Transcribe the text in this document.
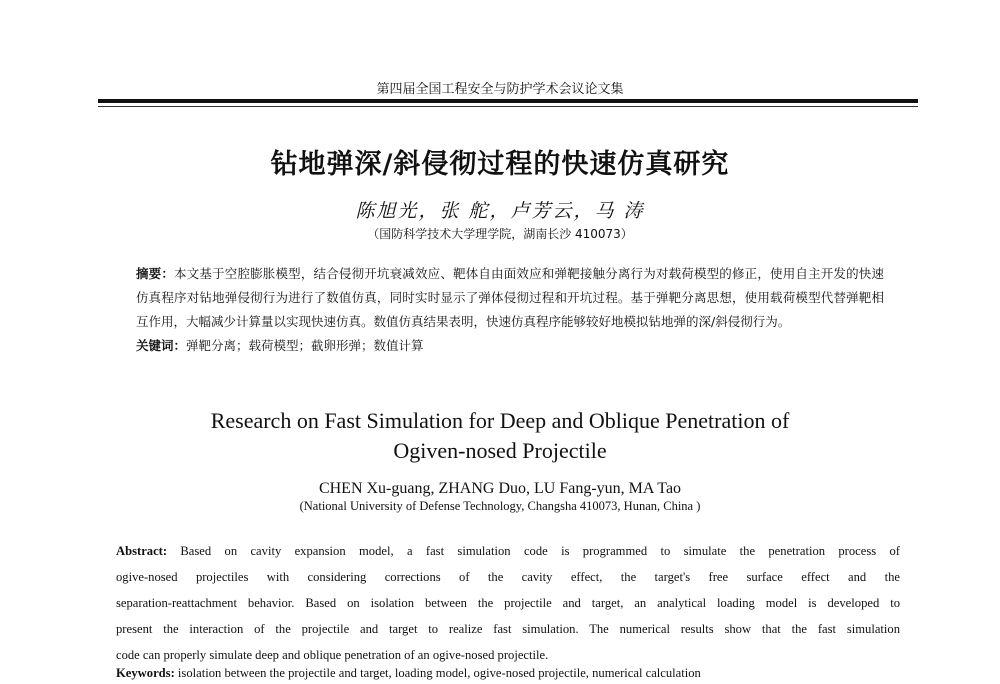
第四届全国工程安全与防护学术会议论文集
钻地弹深/斜侵彻过程的快速仿真研究
陈旭光，张 舵，卢芳云，马 涛
（国防科学技术大学理学院，湖南长沙 410073）

摘要：本文基于空腔膨胀模型，结合侵彻开坑衰减效应、靶体自由面效应和弹靶接触分离行为对载荷模型的修正，使用自主开发的快速仿真程序对钻地弹侵彻行为进行了数值仿真，同时实时显示了弹体侵彻过程和开坑过程。基于弹靶分离思想，使用载荷模型代替弹靶相互作用，大幅减少计算量以实现快速仿真。数值仿真结果表明，快速仿真程序能够较好地模拟钻地弹的深/斜侵彻行为。

关键词：弹靶分离；载荷模型；截卵形弹；数值计算

Research on Fast Simulation for Deep and Oblique Penetration of
Ogiven-nosed Projectile
CHEN Xu-guang, ZHANG Duo, LU Fang-yun, MA Tao
(National University of Defense Technology, Changsha 410073, Hunan, China )
Abstract: Based on cavity expansion model, a fast simulation code is programmed to simulate the penetration process of
ogive-nosed projectiles with considering corrections of the cavity effect, the target's free surface effect and the
separation-reattachment behavior. Based on isolation between the projectile and target, an analytical loading model is developed to
present the interaction of the projectile and target to realize fast simulation. The numerical results show that the fast simulation
code can properly simulate deep and oblique penetration of an ogive-nosed projectile.
Keywords: isolation between the projectile and target, loading model, ogive-nosed projectile, numerical calculation
